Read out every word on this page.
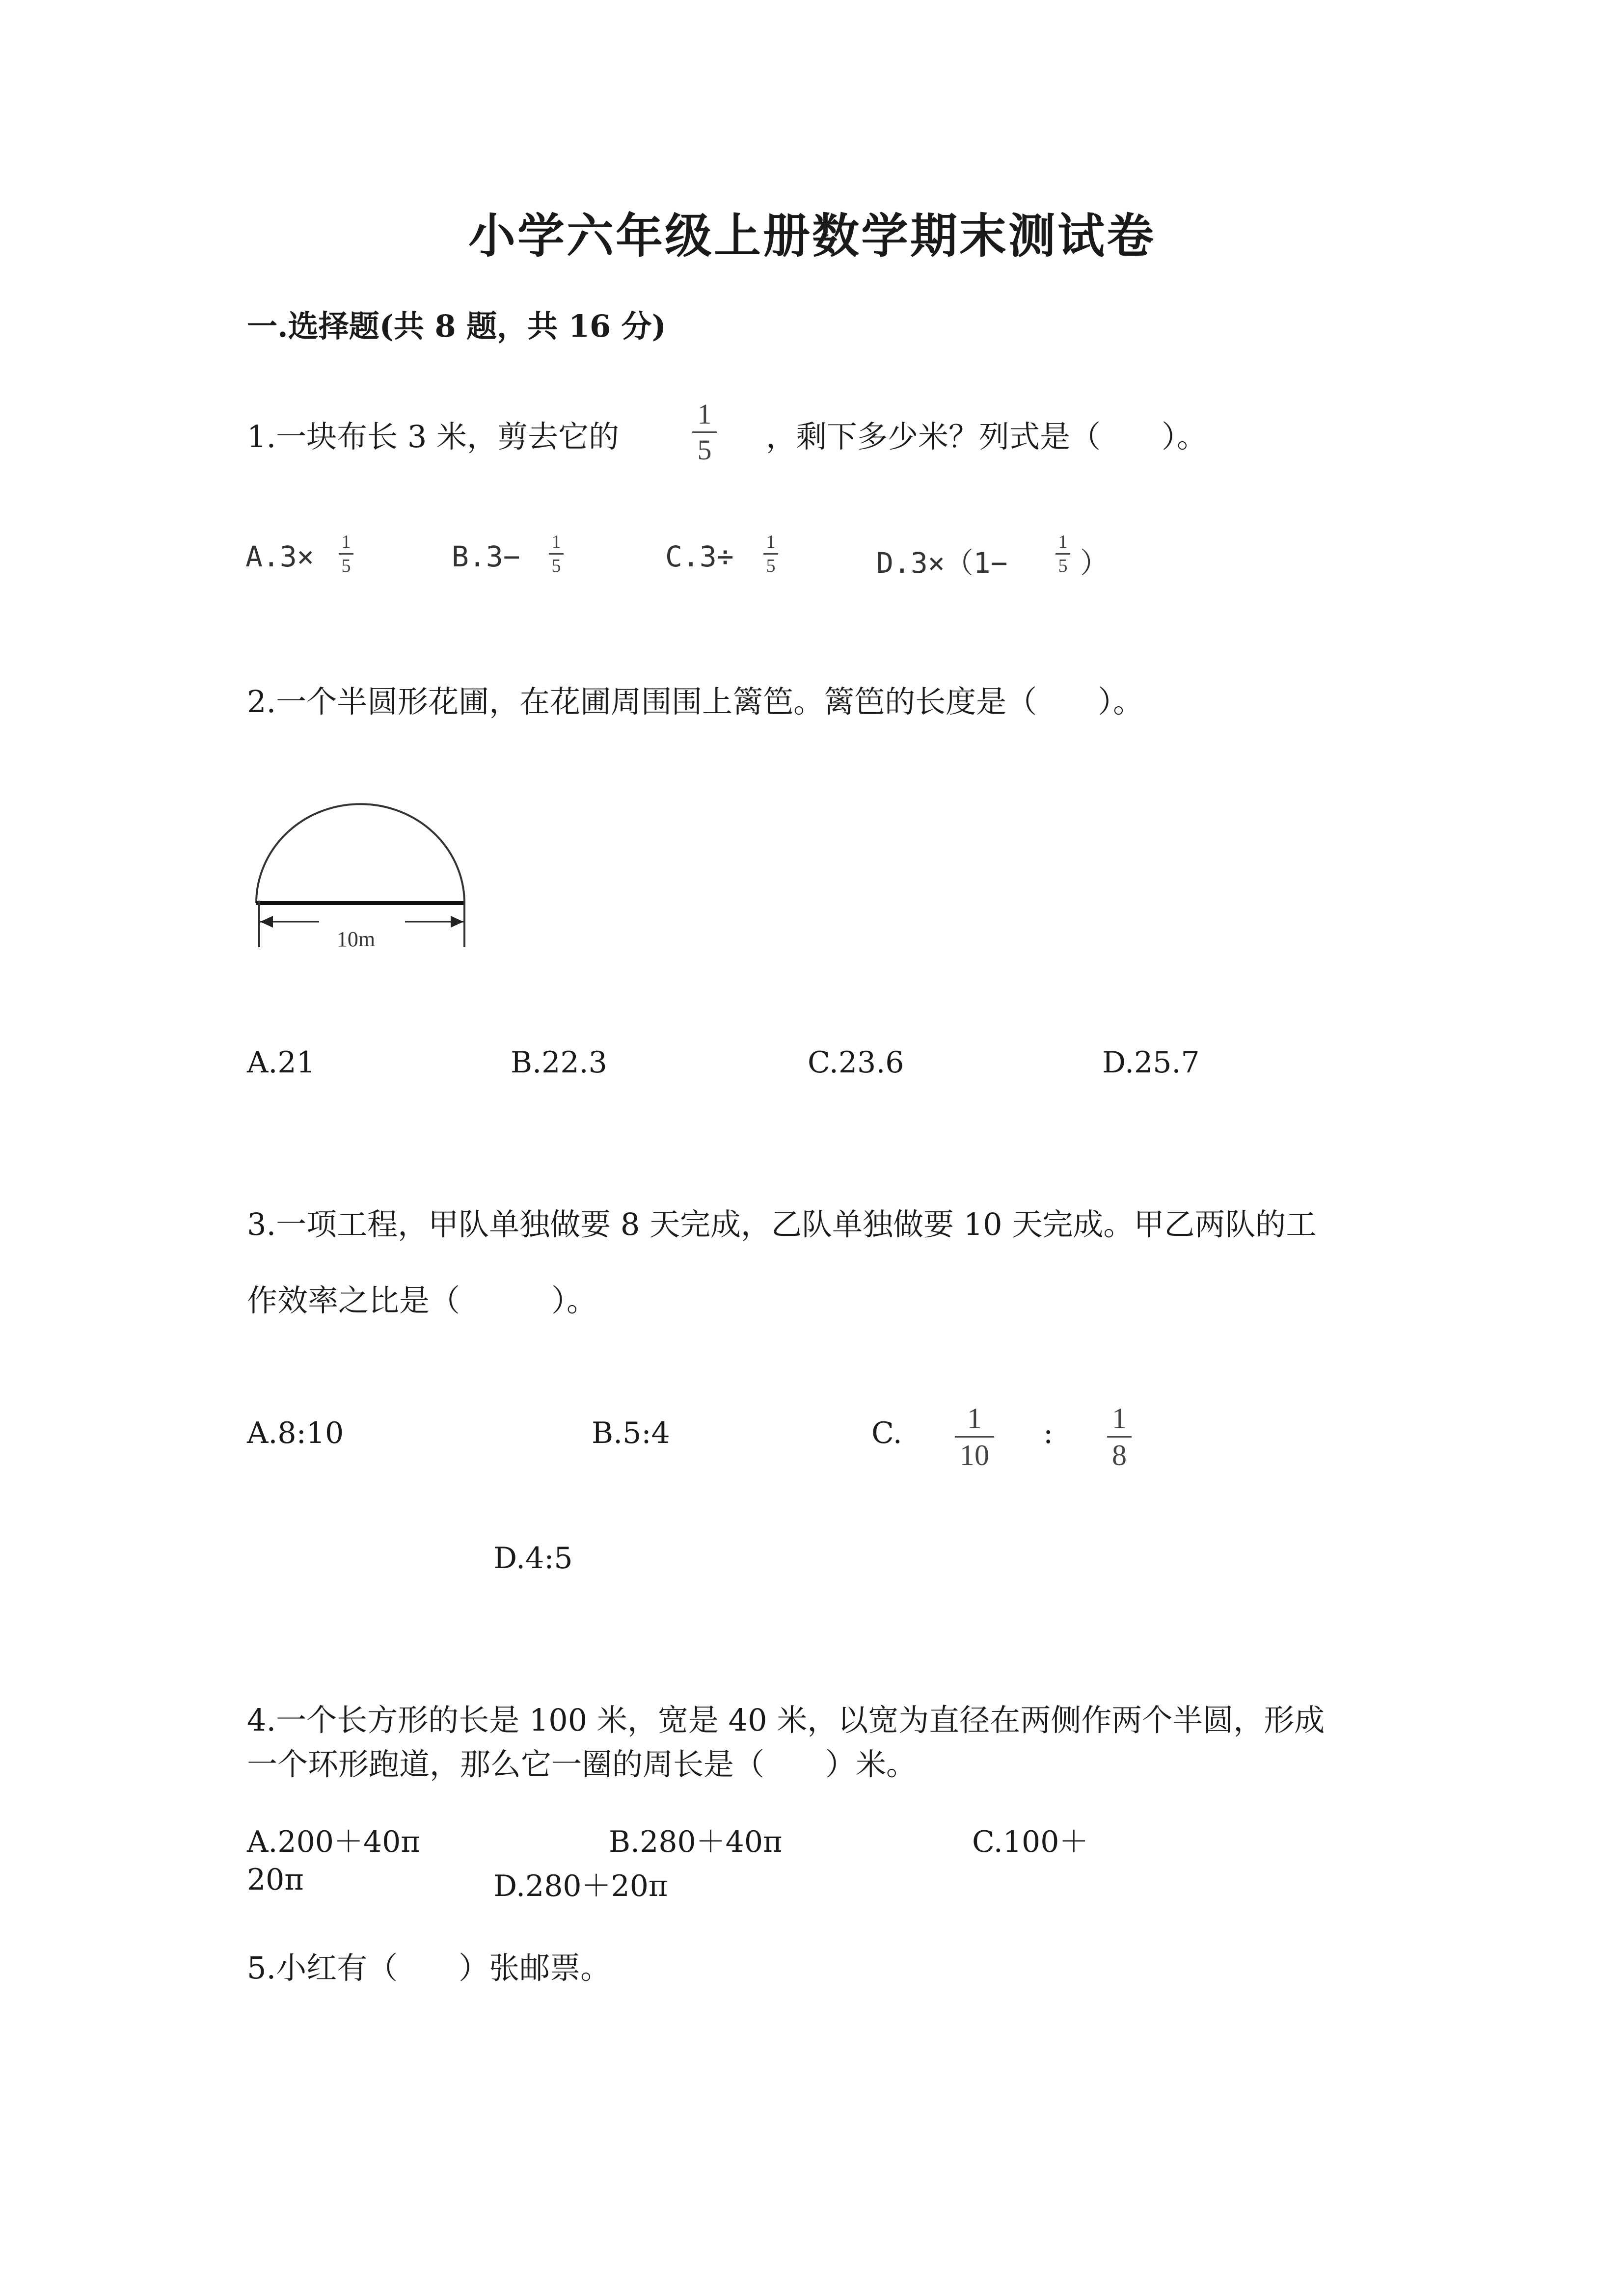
小学六年级上册数学期末测试卷
一.选择题(共 8 题，共 16 分)
1.一块布长 3 米，剪去它的
1
5 ，剩下多少米？列式是（　　）。
A.3× 1
5	B.3− 1
5	C.3÷ 1
5	D.3×（1−
1
5 ）
2.一个半圆形花圃，在花圃周围围上篱笆。篱笆的长度是（　　）。
10m
A.21	B.22.3	C.23.6	D.25.7
3.一项工程，甲队单独做要 8 天完成，乙队单独做要 10 天完成。甲乙两队的工
作效率之比是（　　　）。
A.8:10	B.5:4	C.	1
10
: 1
8
D.4:5
4.一个长方形的长是 100 米，宽是 40 米，以宽为直径在两侧作两个半圆，形成
一个环形跑道，那么它一圈的周长是（　　）米。
A.200＋40π	B.280＋40π	C.100＋
20π	D.280＋20π
5.小红有（　　）张邮票。
